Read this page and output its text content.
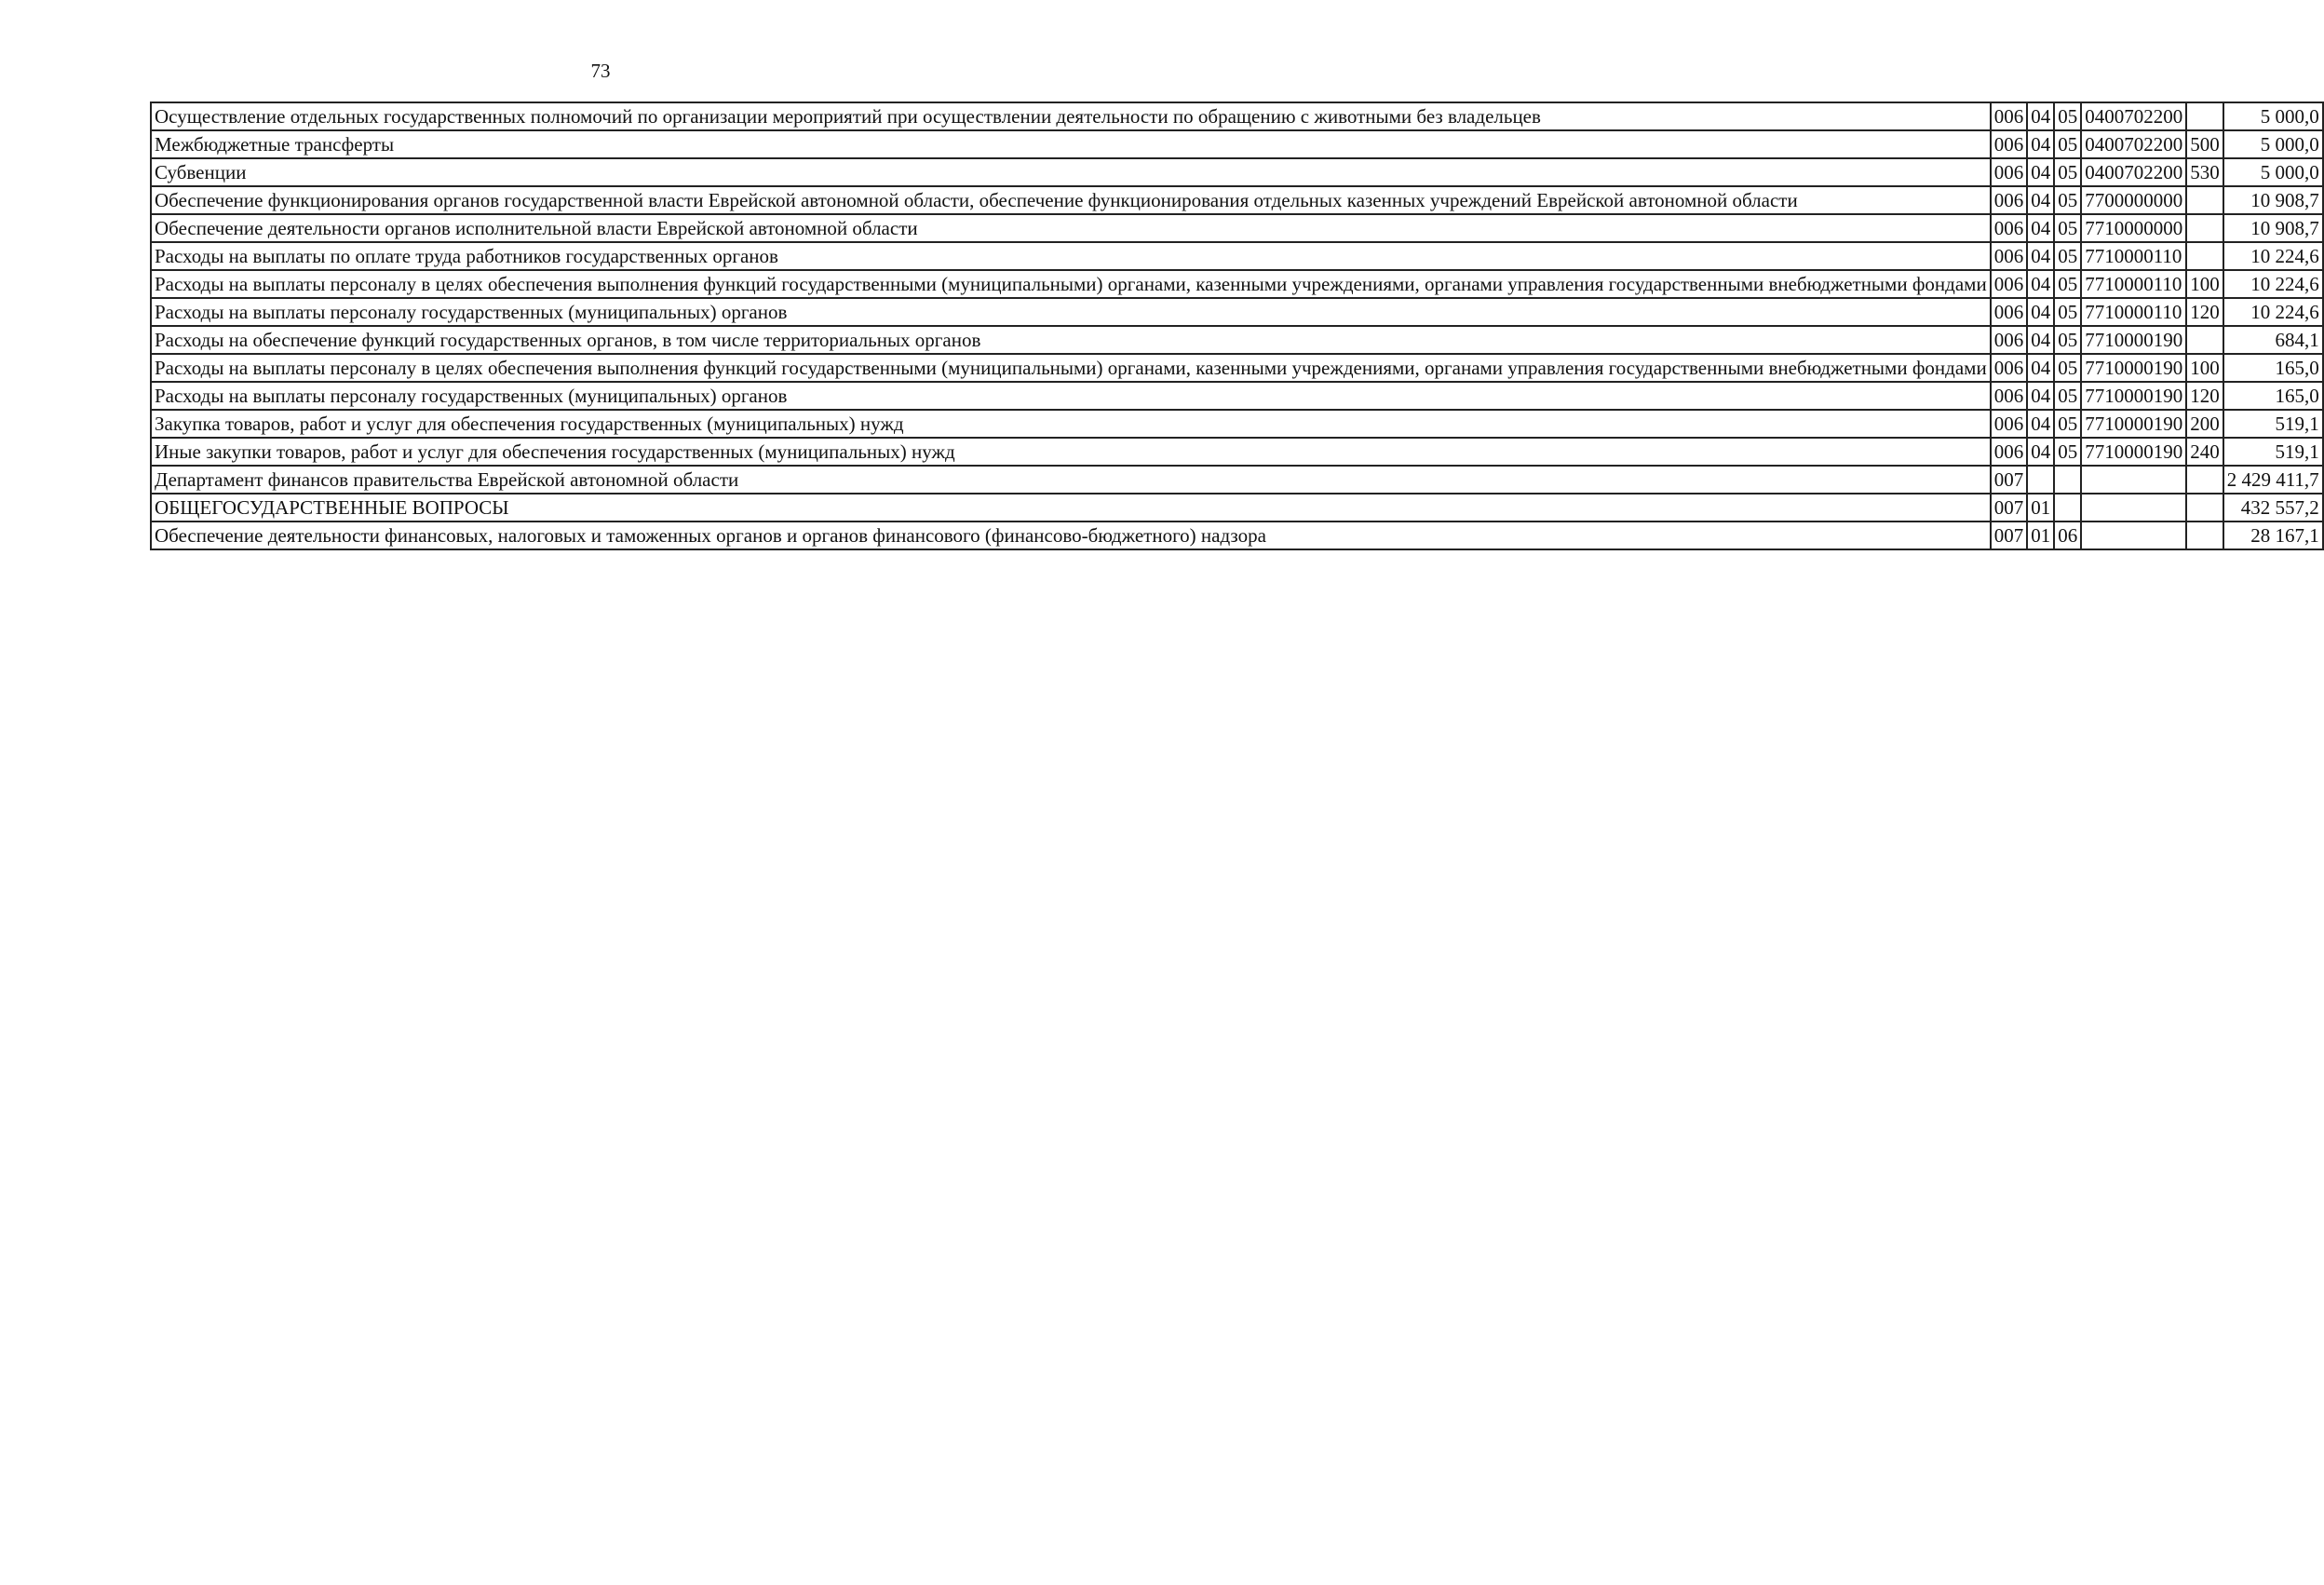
73
Осуществление отдельных государственных полномочий по организации мероприятий при осуществлении деятельности по обращению с животными без владельцев	006	04	05	0400702200		5 000,0
Межбюджетные трансферты	006	04	05	0400702200	500	5 000,0
Субвенции	006	04	05	0400702200	530	5 000,0
Обеспечение функционирования органов государственной власти Еврейской автономной области, обеспечение функционирования отдельных казенных учреждений Еврейской автономной области	006	04	05	7700000000		10 908,7
Обеспечение деятельности органов исполнительной власти Еврейской автономной области	006	04	05	7710000000		10 908,7
Расходы на выплаты по оплате труда работников государственных органов	006	04	05	7710000110		10 224,6
Расходы на выплаты персоналу в целях обеспечения выполнения функций государственными (муниципальными) органами, казенными учреждениями, органами управления государственными внебюджетными фондами	006	04	05	7710000110	100	10 224,6
Расходы на выплаты персоналу государственных (муниципальных) органов	006	04	05	7710000110	120	10 224,6
Расходы на обеспечение функций государственных органов, в том числе территориальных органов	006	04	05	7710000190		684,1
Расходы на выплаты персоналу в целях обеспечения выполнения функций государственными (муниципальными) органами, казенными учреждениями, органами управления государственными внебюджетными фондами	006	04	05	7710000190	100	165,0
Расходы на выплаты персоналу государственных (муниципальных) органов	006	04	05	7710000190	120	165,0
Закупка товаров, работ и услуг для обеспечения государственных (муниципальных) нужд	006	04	05	7710000190	200	519,1
Иные закупки товаров, работ и услуг для обеспечения государственных (муниципальных) нужд	006	04	05	7710000190	240	519,1
Департамент финансов правительства Еврейской автономной области	007					2 429 411,7
ОБЩЕГОСУДАРСТВЕННЫЕ ВОПРОСЫ	007	01				432 557,2
Обеспечение деятельности финансовых, налоговых и таможенных органов и органов финансового (финансово-бюджетного) надзора	007	01	06			28 167,1
